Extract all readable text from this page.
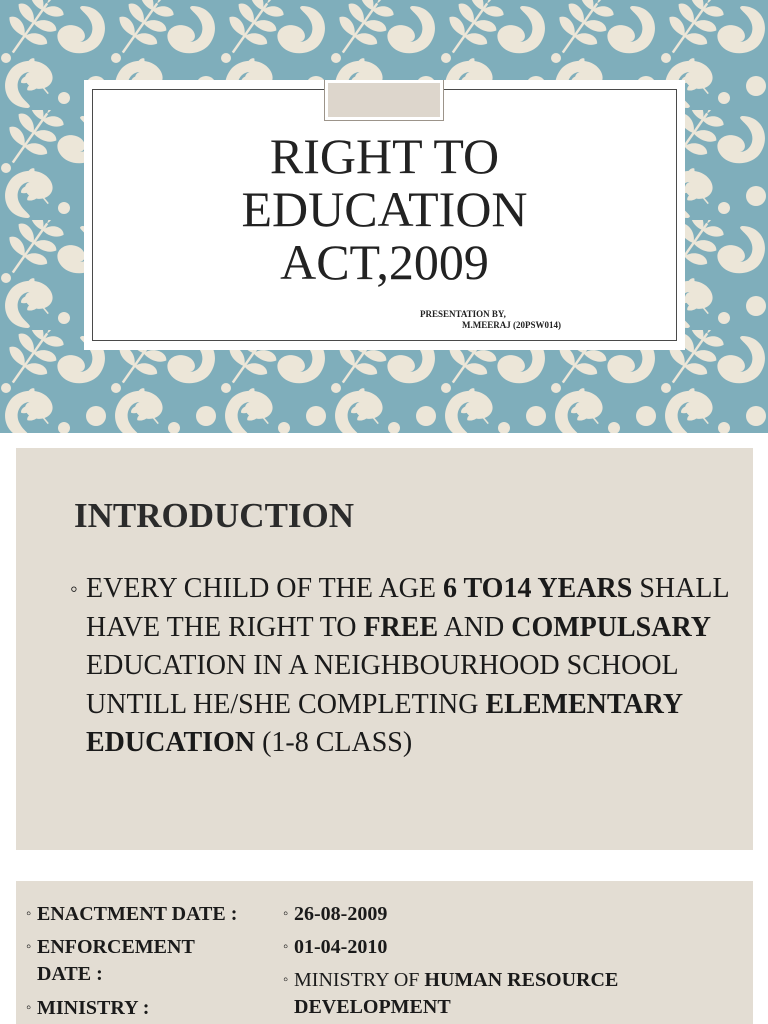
RIGHT TO
EDUCATION
ACT,2009
PRESENTATION BY,
M.MEERAJ (20PSW014)
INTRODUCTION
◦ EVERY CHILD OF THE AGE 6 TO14 YEARS SHALL HAVE THE RIGHT TO FREE AND COMPULSARY EDUCATION IN A NEIGHBOURHOOD SCHOOL UNTILL HE/SHE COMPLETING ELEMENTARY EDUCATION (1-8 CLASS)
◦ ENACTMENT DATE :
◦ ENFORCEMENT
DATE :
◦ MINISTRY :
◦ 26-08-2009
◦ 01-04-2010
◦ MINISTRY OF HUMAN RESOURCE
DEVELOPMENT
